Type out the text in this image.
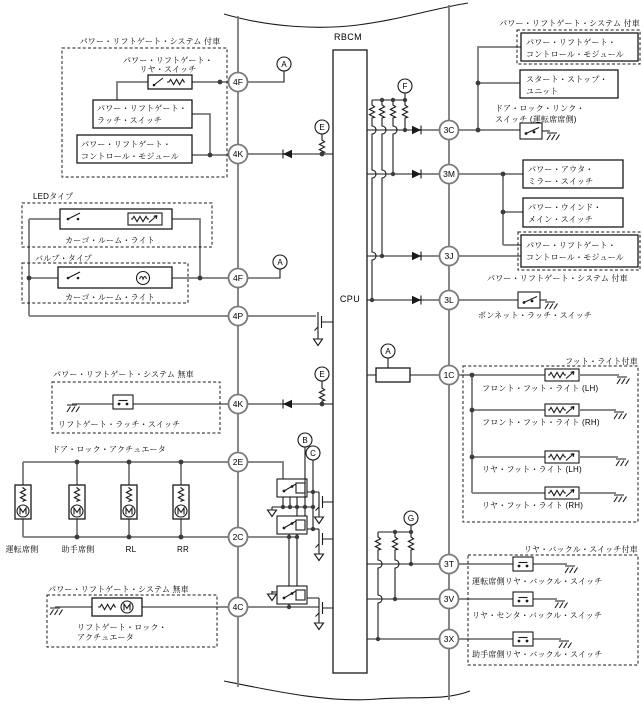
4F
4K
4F
4P
4K
2E
2C
4C
3C
3M
3J
3L
1C
3T
3V
3X
A
E
A
E
F
B
C
A
G
RBCM
CPU
パワー・リフトゲート・システム 付車
パワー・リフトゲート・
リヤ・スイッチ
パワー・リフトゲート・
ラッチ・スイッチ
パワー・リフトゲート・
コントロール・モジュール
LEDタイプ
カーゴ・ルーム・ライト
バルブ・タイプ
カーゴ・ルーム・ライト
パワー・リフトゲート・システム 無車
リフトゲート・ラッチ・スイッチ
ドア・ロック・アクチュエータ
運転席側	助手席側	RL	RR
パワー・リフトゲート・システム 無車
リフトゲート・ロック・
アクチュエータ
パワー・リフトゲート・システム 付車
パワー・リフトゲート・
コントロール・モジュール
スタート・ストップ・
ユニット
ドア・ロック・リンク・
スイッチ (運転席席側)
パワー・アウタ・
ミラー・スイッチ
パワー・ウインド・
メイン・スイッチ
パワー・リフトゲート・
コントロール・モジュール
パワー・リフトゲート・システム 付車
ボンネット・ラッチ・スイッチ
フット・ライト付車
フロント・フット・ライト (LH)
フロント・フット・ライト (RH)
リヤ・フット・ライト (LH)
リヤ・フット・ライト (RH)
リヤ・バックル・スイッチ付車
運転席側リヤ・バックル・スイッチ
リヤ・センタ・バックル・スイッチ
助手席側リヤ・バックル・スイッチ
